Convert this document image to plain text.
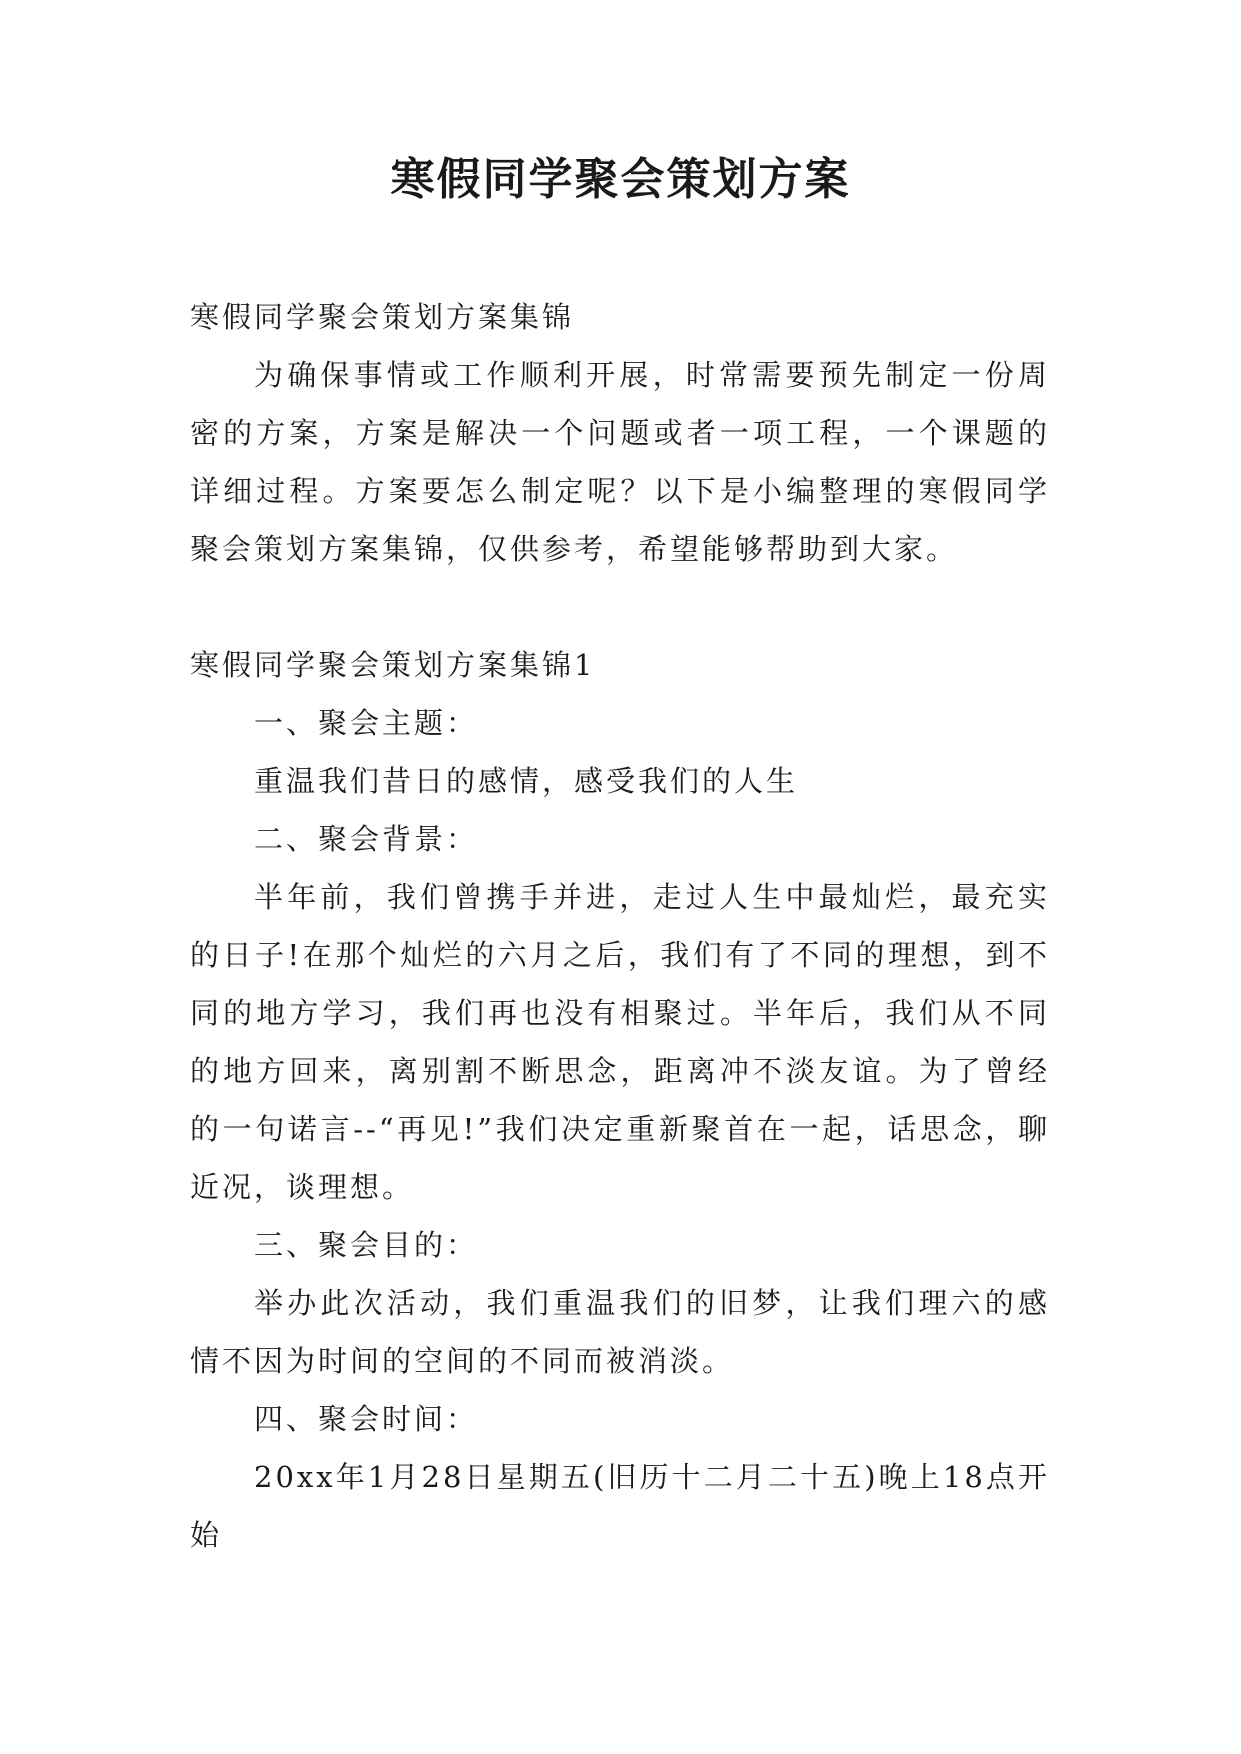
寒假同学聚会策划方案

寒假同学聚会策划方案集锦

为确保事情或工作顺利开展，时常需要预先制定一份周密的方案，方案是解决一个问题或者一项工程，一个课题的详细过程。方案要怎么制定呢？以下是小编整理的寒假同学聚会策划方案集锦，仅供参考，希望能够帮助到大家。

寒假同学聚会策划方案集锦1

一、聚会主题：

重温我们昔日的感情，感受我们的人生

二、聚会背景：

半年前，我们曾携手并进，走过人生中最灿烂，最充实的日子!在那个灿烂的六月之后，我们有了不同的理想，到不同的地方学习，我们再也没有相聚过。半年后，我们从不同的地方回来，离别割不断思念，距离冲不淡友谊。为了曾经的一句诺言--“再见!”我们决定重新聚首在一起，话思念，聊近况，谈理想。

三、聚会目的：

举办此次活动，我们重温我们的旧梦，让我们理六的感情不因为时间的空间的不同而被消淡。

四、聚会时间：

20xx年1月28日星期五(旧历十二月二十五)晚上18点开始
